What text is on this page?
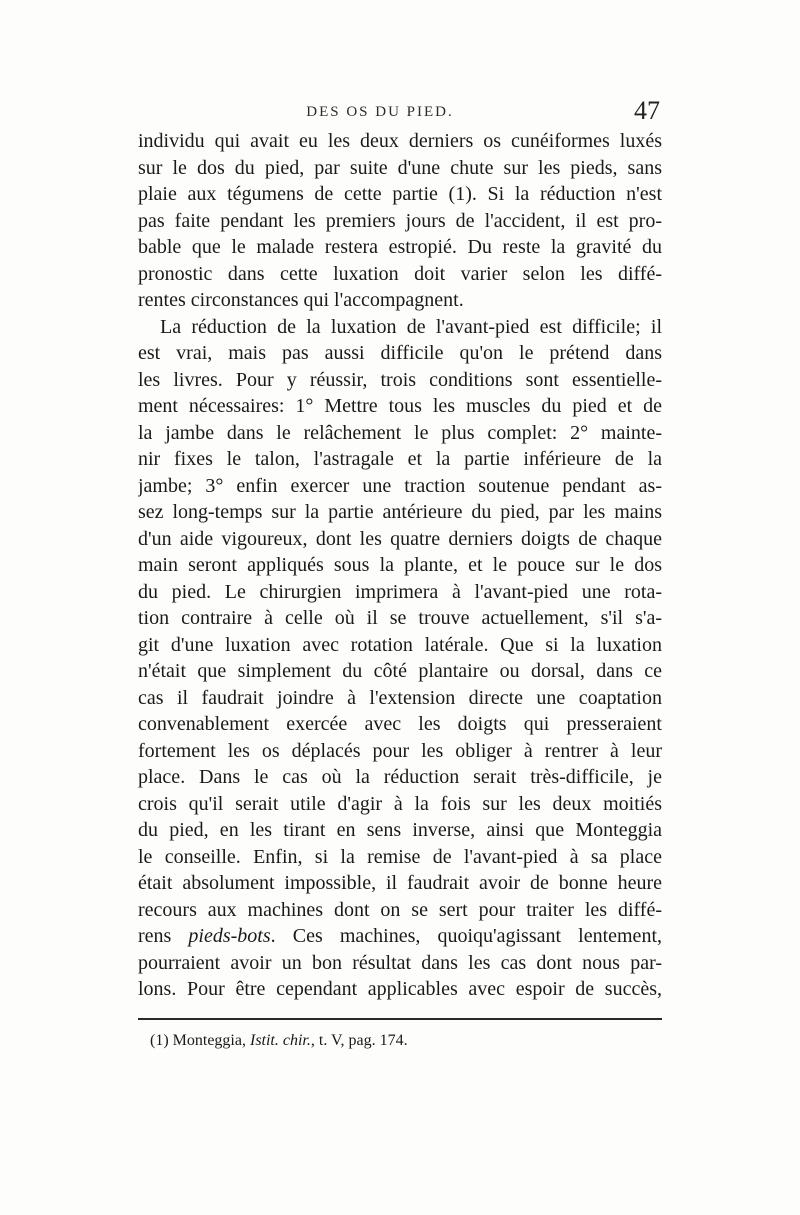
DES OS DU PIED.	47
individu qui avait eu les deux derniers os cunéiformes luxés
sur le dos du pied, par suite d'une chute sur les pieds, sans
plaie aux tégumens de cette partie (1). Si la réduction n'est
pas faite pendant les premiers jours de l'accident, il est pro-
bable que le malade restera estropié. Du reste la gravité du
pronostic dans cette luxation doit varier selon les diffé-
rentes circonstances qui l'accompagnent.
La réduction de la luxation de l'avant-pied est difficile; il
est vrai, mais pas aussi difficile qu'on le prétend dans
les livres. Pour y réussir, trois conditions sont essentielle-
ment nécessaires: 1° Mettre tous les muscles du pied et de
la jambe dans le relâchement le plus complet: 2° mainte-
nir fixes le talon, l'astragale et la partie inférieure de la
jambe; 3° enfin exercer une traction soutenue pendant as-
sez long-temps sur la partie antérieure du pied, par les mains
d'un aide vigoureux, dont les quatre derniers doigts de chaque
main seront appliqués sous la plante, et le pouce sur le dos
du pied. Le chirurgien imprimera à l'avant-pied une rota-
tion contraire à celle où il se trouve actuellement, s'il s'a-
git d'une luxation avec rotation latérale. Que si la luxation
n'était que simplement du côté plantaire ou dorsal, dans ce
cas il faudrait joindre à l'extension directe une coaptation
convenablement exercée avec les doigts qui presseraient
fortement les os déplacés pour les obliger à rentrer à leur
place. Dans le cas où la réduction serait très-difficile, je
crois qu'il serait utile d'agir à la fois sur les deux moitiés
du pied, en les tirant en sens inverse, ainsi que Monteggia
le conseille. Enfin, si la remise de l'avant-pied à sa place
était absolument impossible, il faudrait avoir de bonne heure
recours aux machines dont on se sert pour traiter les diffé-
rens pieds-bots. Ces machines, quoiqu'agissant lentement,
pourraient avoir un bon résultat dans les cas dont nous par-
lons. Pour être cependant applicables avec espoir de succès,
(1) Monteggia, Istit. chir., t. V, pag. 174.
